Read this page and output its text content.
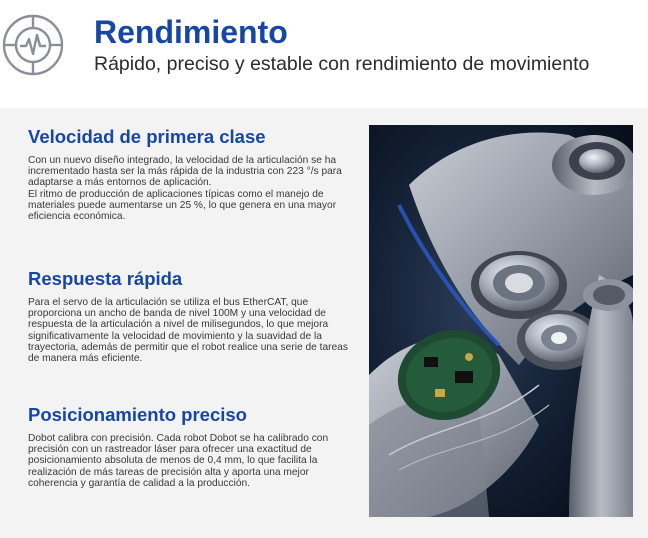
Rendimiento
Rápido, preciso y estable con rendimiento de movimiento
Velocidad de primera clase

Con un nuevo diseño integrado, la velocidad de la articulación se ha incrementado hasta ser la más rápida de la industria con 223 °/s para adaptarse a más entornos de aplicación.

El ritmo de producción de aplicaciones típicas como el manejo de materiales puede aumentarse un 25 %, lo que genera en una mayor eficiencia económica.

Respuesta rápida

Para el servo de la articulación se utiliza el bus EtherCAT, que proporciona un ancho de banda de nivel 100M y una velocidad de respuesta de la articulación a nivel de milisegundos, lo que mejora significativamente la velocidad de movimiento y la suavidad de la trayectoria, además de permitir que el robot realice una serie de tareas de manera más eficiente.

Posicionamiento preciso

Dobot calibra con precisión. Cada robot Dobot se ha calibrado con precisión con un rastreador láser para ofrecer una exactitud de posicionamiento absoluta de menos de 0,4 mm, lo que facilita la realización de más tareas de precisión alta y aporta una mejor coherencia y garantía de calidad a la producción.
